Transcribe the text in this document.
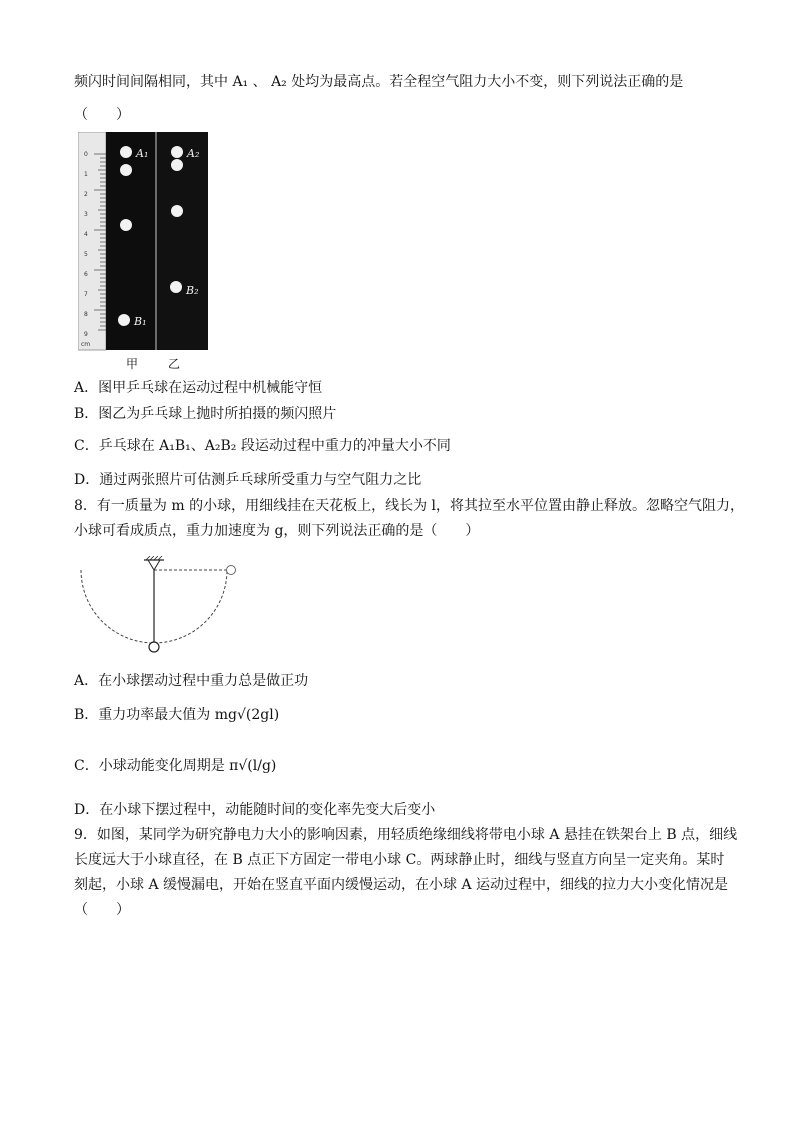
频闪时间间隔相同，其中 A₁ 、 A₂ 处均为最高点。若全程空气阻力大小不变，则下列说法正确的是
（　　）
0
1
2
3
4
5
6
7
8
9
cm
A₁
B₁
A₂
B₂
甲 乙
A．图甲乒乓球在运动过程中机械能守恒
B．图乙为乒乓球上抛时所拍摄的频闪照片
C．乒乓球在 A₁B₁、A₂B₂ 段运动过程中重力的冲量大小不同
D．通过两张照片可估测乒乓球所受重力与空气阻力之比
8．有一质量为 m 的小球，用细线挂在天花板上，线长为 l，将其拉至水平位置由静止释放。忽略空气阻力，
小球可看成质点，重力加速度为 g，则下列说法正确的是（　　）
A．在小球摆动过程中重力总是做正功
B．重力功率最大值为 mg√(2gl)
C．小球动能变化周期是 π√(l/g)
D．在小球下摆过程中，动能随时间的变化率先变大后变小
9．如图，某同学为研究静电力大小的影响因素，用轻质绝缘细线将带电小球 A 悬挂在铁架台上 B 点，细线
长度远大于小球直径，在 B 点正下方固定一带电小球 C。两球静止时，细线与竖直方向呈一定夹角。某时
刻起，小球 A 缓慢漏电，开始在竖直平面内缓慢运动，在小球 A 运动过程中，细线的拉力大小变化情况是
（　　）
